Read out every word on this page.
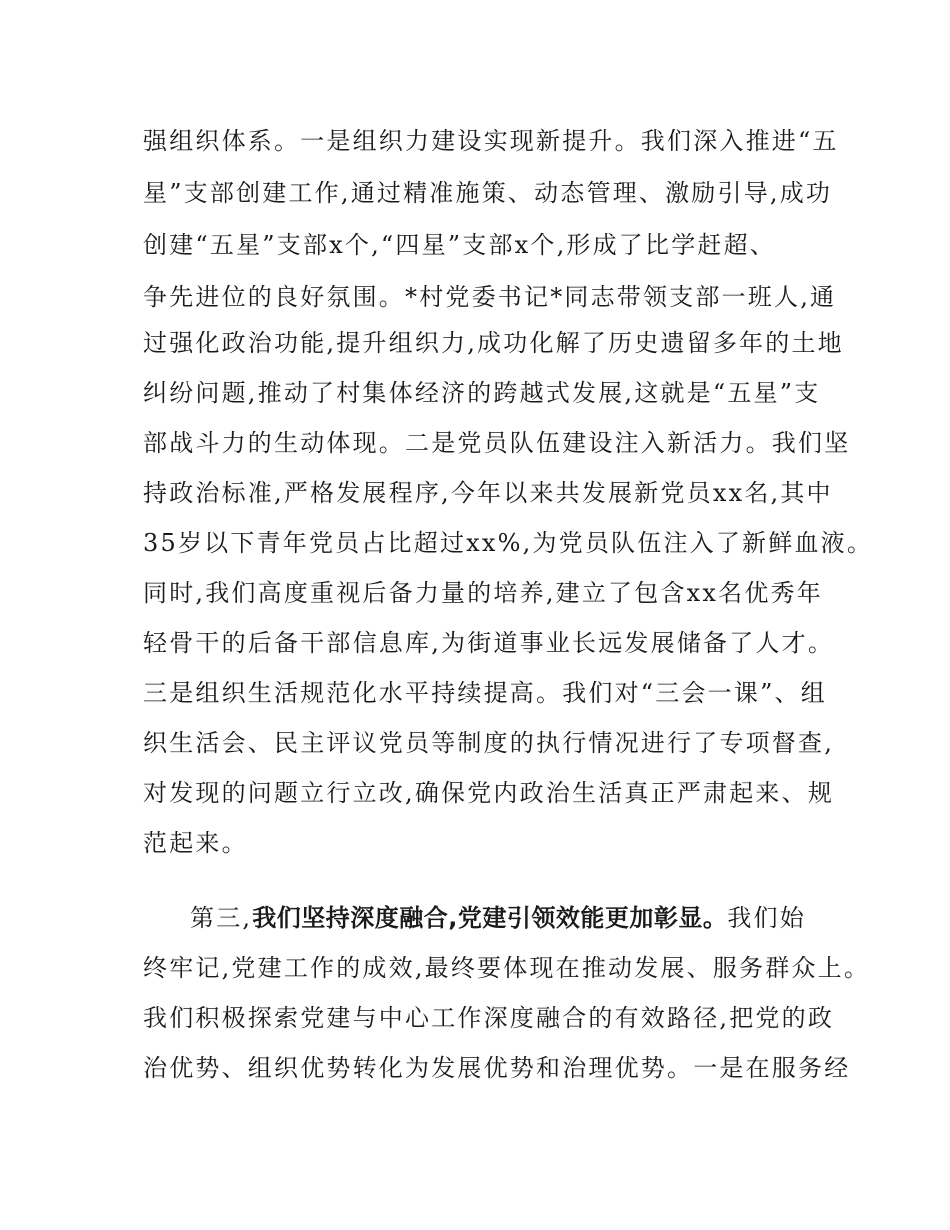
强组织体系。一是组织力建设实现新提升。我们深入推进“五
星”支部创建工作,通过精准施策、动态管理、激励引导,成功
创建“五星”支部x个,“四星”支部x个,形成了比学赶超、
争先进位的良好氛围。*村党委书记*同志带领支部一班人,通
过强化政治功能,提升组织力,成功化解了历史遗留多年的土地
纠纷问题,推动了村集体经济的跨越式发展,这就是“五星”支
部战斗力的生动体现。二是党员队伍建设注入新活力。我们坚
持政治标准,严格发展程序,今年以来共发展新党员xx名,其中
35岁以下青年党员占比超过xx%,为党员队伍注入了新鲜血液。
同时,我们高度重视后备力量的培养,建立了包含xx名优秀年
轻骨干的后备干部信息库,为街道事业长远发展储备了人才。
三是组织生活规范化水平持续提高。我们对“三会一课”、组
织生活会、民主评议党员等制度的执行情况进行了专项督查,
对发现的问题立行立改,确保党内政治生活真正严肃起来、规
范起来。
第三,我们坚持深度融合,党建引领效能更加彰显。我们始
终牢记,党建工作的成效,最终要体现在推动发展、服务群众上。
我们积极探索党建与中心工作深度融合的有效路径,把党的政
治优势、组织优势转化为发展优势和治理优势。一是在服务经
